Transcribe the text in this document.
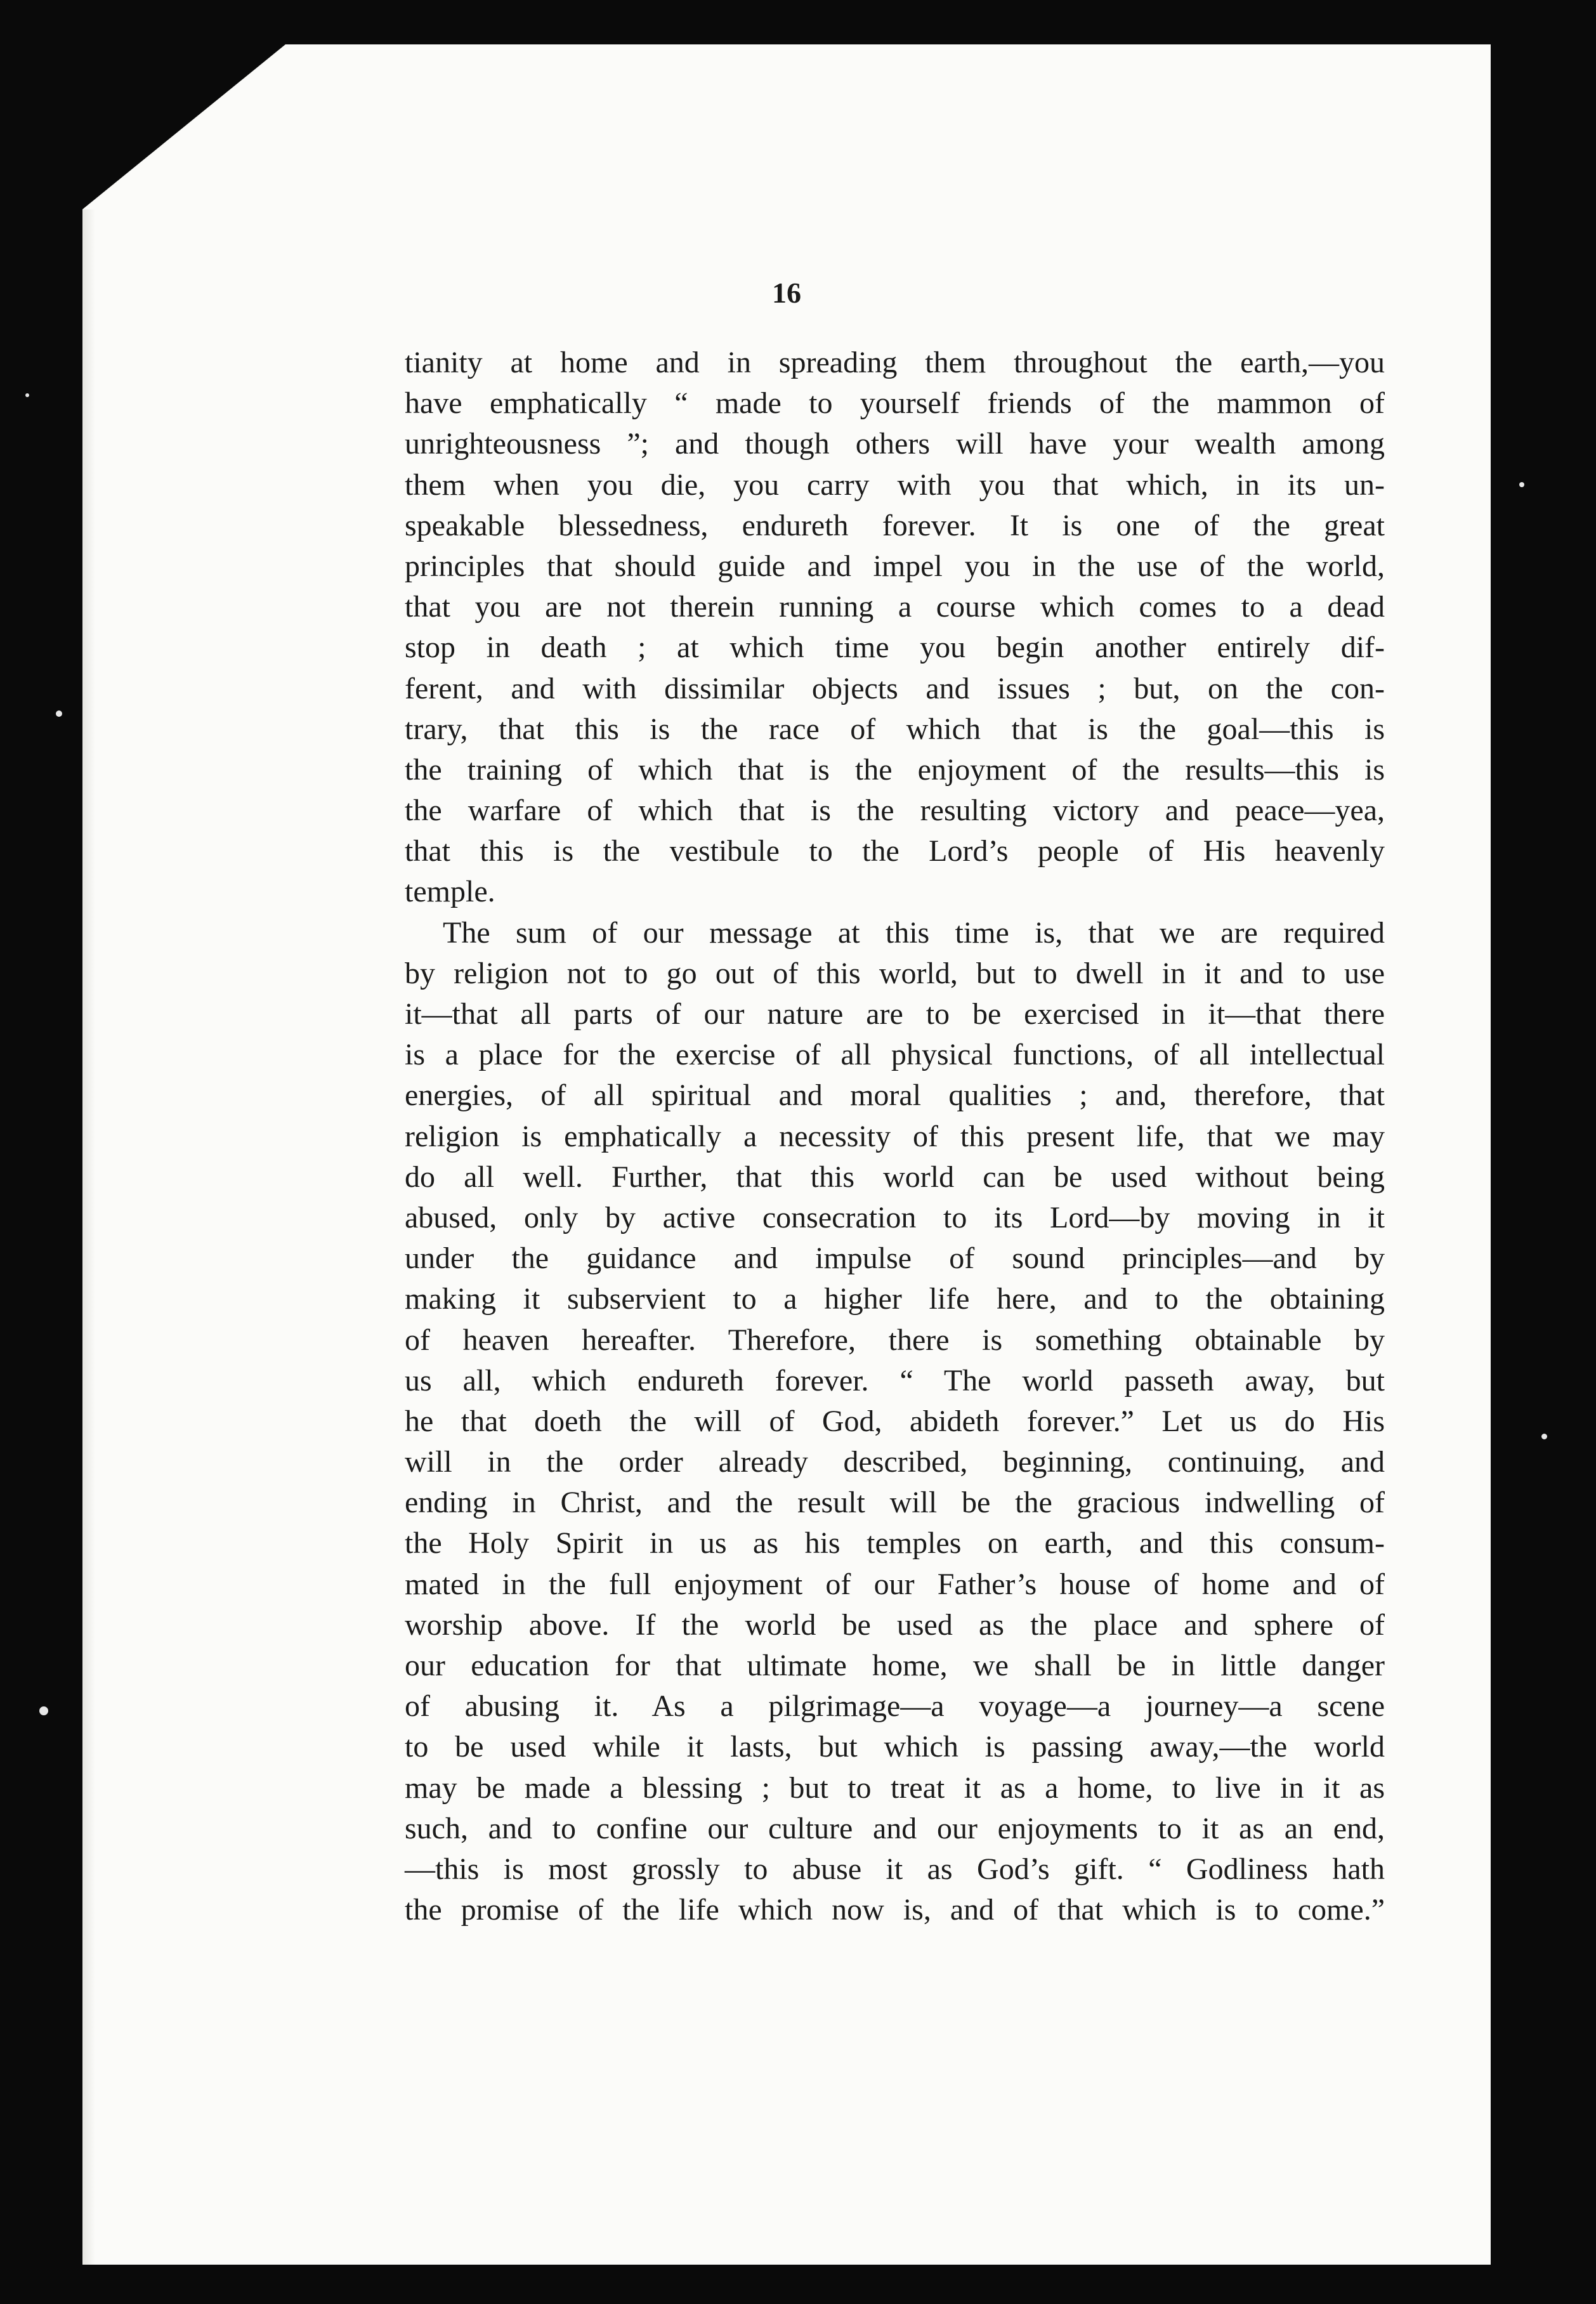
16
tianity at home and in spreading them throughout the earth,—you
have emphatically “ made to yourself friends of the mammon of
unrighteousness ”; and though others will have your wealth among
them when you die, you carry with you that which, in its un-
speakable blessedness, endureth forever. It is one of the great
principles that should guide and impel you in the use of the world,
that you are not therein running a course which comes to a dead
stop in death ; at which time you begin another entirely dif-
ferent, and with dissimilar objects and issues ; but, on the con-
trary, that this is the race of which that is the goal—this is
the training of which that is the enjoyment of the results—this is
the warfare of which that is the resulting victory and peace—yea,
that this is the vestibule to the Lord’s people of His heavenly
temple.
The sum of our message at this time is, that we are required
by religion not to go out of this world, but to dwell in it and to use
it—that all parts of our nature are to be exercised in it—that there
is a place for the exercise of all physical functions, of all intellectual
energies, of all spiritual and moral qualities ; and, therefore, that
religion is emphatically a necessity of this present life, that we may
do all well. Further, that this world can be used without being
abused, only by active consecration to its Lord—by moving in it
under the guidance and impulse of sound principles—and by
making it subservient to a higher life here, and to the obtaining
of heaven hereafter. Therefore, there is something obtainable by
us all, which endureth forever. “ The world passeth away, but
he that doeth the will of God, abideth forever.” Let us do His
will in the order already described, beginning, continuing, and
ending in Christ, and the result will be the gracious indwelling of
the Holy Spirit in us as his temples on earth, and this consum-
mated in the full enjoyment of our Father’s house of home and of
worship above. If the world be used as the place and sphere of
our education for that ultimate home, we shall be in little danger
of abusing it. As a pilgrimage—a voyage—a journey—a scene
to be used while it lasts, but which is passing away,—the world
may be made a blessing ; but to treat it as a home, to live in it as
such, and to confine our culture and our enjoyments to it as an end,
—this is most grossly to abuse it as God’s gift. “ Godliness hath
the promise of the life which now is, and of that which is to come.”
